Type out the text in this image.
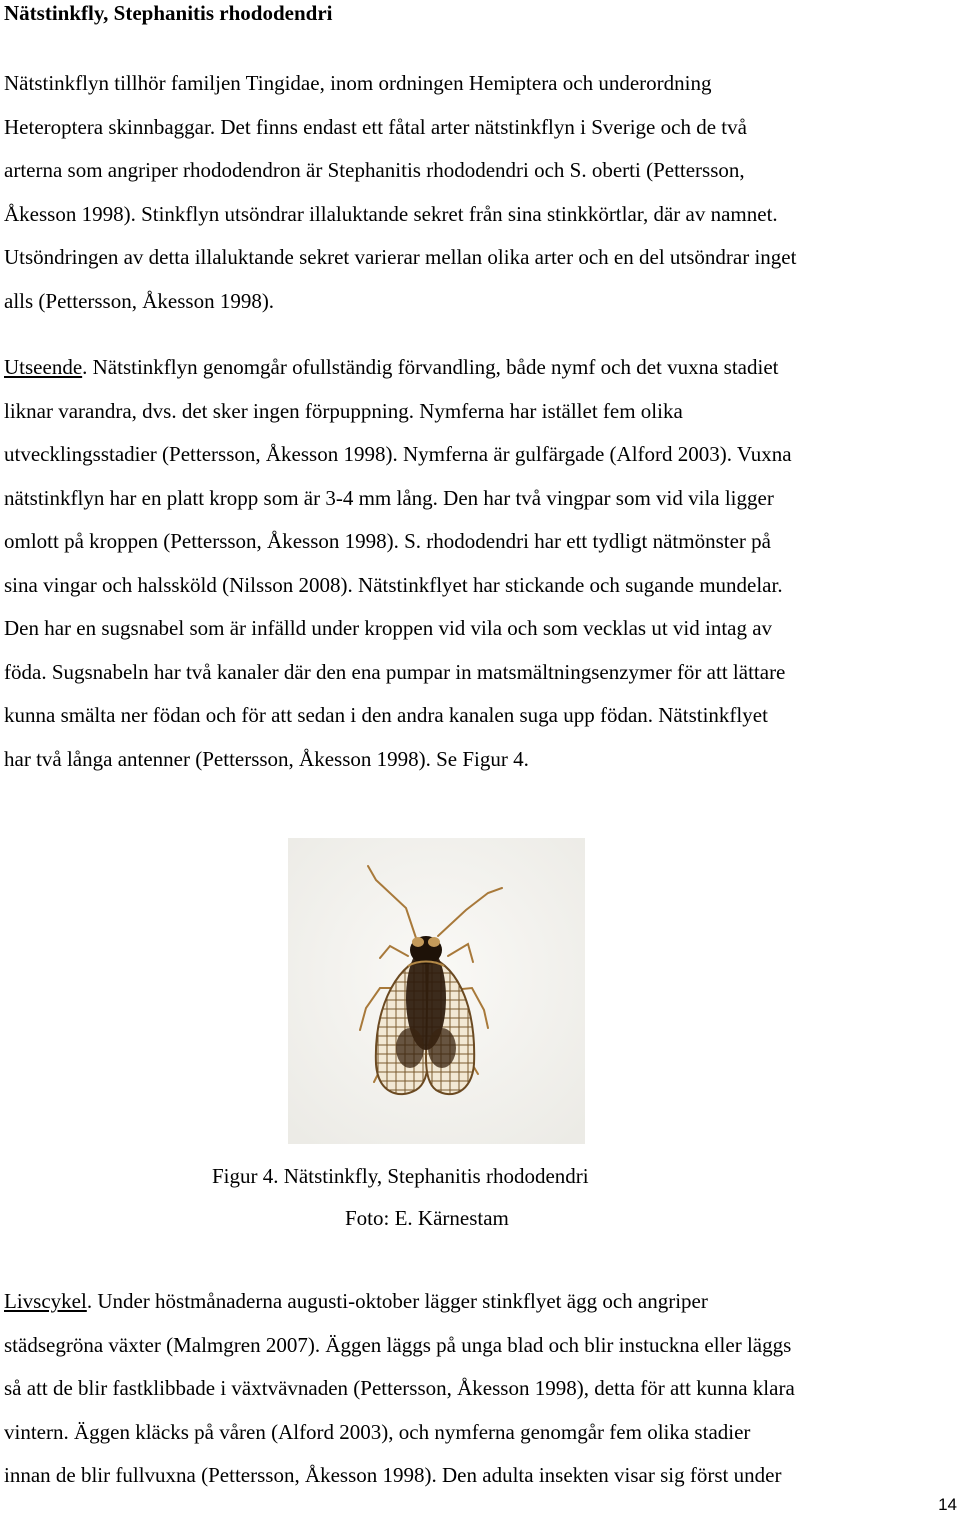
Nätstinkfly, Stephanitis rhododendri
Nätstinkflyn tillhör familjen Tingidae, inom ordningen Hemiptera och underordning
Heteroptera skinnbaggar. Det finns endast ett fåtal arter nätstinkflyn i Sverige och de två
arterna som angriper rhododendron är Stephanitis rhododendri och S. oberti (Pettersson,
Åkesson 1998). Stinkflyn utsöndrar illaluktande sekret från sina stinkkörtlar, där av namnet.
Utsöndringen av detta illaluktande sekret varierar mellan olika arter och en del utsöndrar inget
alls (Pettersson, Åkesson 1998).
Utseende. Nätstinkflyn genomgår ofullständig förvandling, både nymf och det vuxna stadiet
liknar varandra, dvs. det sker ingen förpuppning. Nymferna har istället fem olika
utvecklingsstadier (Pettersson, Åkesson 1998). Nymferna är gulfärgade (Alford 2003). Vuxna
nätstinkflyn har en platt kropp som är 3-4 mm lång. Den har två vingpar som vid vila ligger
omlott på kroppen (Pettersson, Åkesson 1998). S. rhododendri har ett tydligt nätmönster på
sina vingar och halssköld (Nilsson 2008). Nätstinkflyet har stickande och sugande mundelar.
Den har en sugsnabel som är infälld under kroppen vid vila och som vecklas ut vid intag av
föda. Sugsnabeln har två kanaler där den ena pumpar in matsmältningsenzymer för att lättare
kunna smälta ner födan och för att sedan i den andra kanalen suga upp födan. Nätstinkflyet
har två långa antenner (Pettersson, Åkesson 1998). Se Figur 4.
Figur 4. Nätstinkfly, Stephanitis rhododendri
Foto: E. Kärnestam
Livscykel. Under höstmånaderna augusti-oktober lägger stinkflyet ägg och angriper
städsegröna växter (Malmgren 2007). Äggen läggs på unga blad och blir instuckna eller läggs
så att de blir fastklibbade i växtvävnaden (Pettersson, Åkesson 1998), detta för att kunna klara
vintern. Äggen kläcks på våren (Alford 2003), och nymferna genomgår fem olika stadier
innan de blir fullvuxna (Pettersson, Åkesson 1998). Den adulta insekten visar sig först under
14
